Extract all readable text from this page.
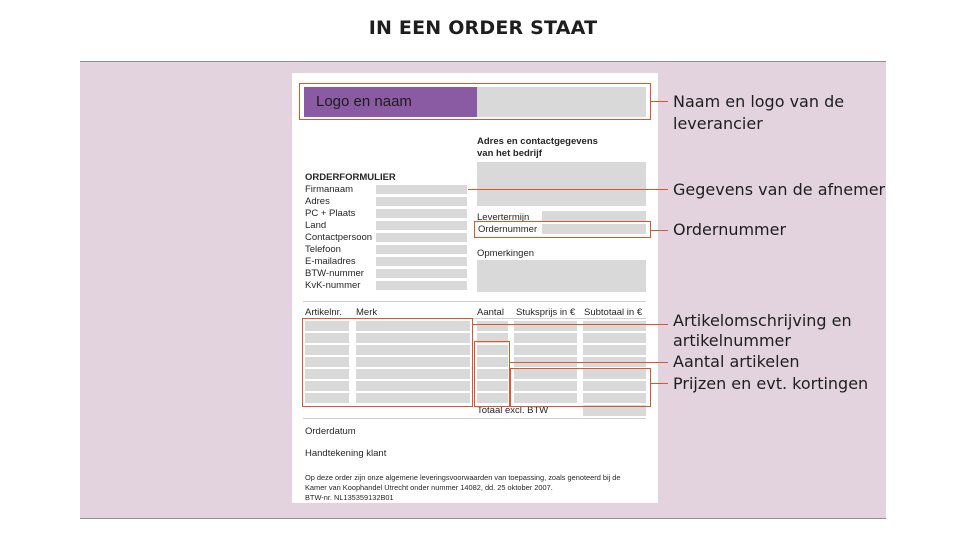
IN EEN ORDER STAAT
Logo en naam
Adres en contactgegevens
van het bedrijf
ORDERFORMULIER
Firmanaam
Adres
PC + Plaats
Land
Contactpersoon
Telefoon
E-mailadres
BTW-nummer
KvK-nummer
Levertermijn
Ordernummer
Opmerkingen
Artikelnr. Merk	Aantal Stuksprijs in € Subtotaal in €
Totaal excl. BTW
Orderdatum
Handtekening klant
Op deze order zijn onze algemene leveringsvoorwaarden van toepassing, zoals genoteerd bij de
Kamer van Koophandel Utrecht onder nummer 14082, dd. 25 oktober 2007.
BTW-nr. NL135359132B01
Naam en logo van de
leverancier
Gegevens van de afnemer
Ordernummer
Artikelomschrijving en
artikelnummer
Aantal artikelen
Prijzen en evt. kortingen
